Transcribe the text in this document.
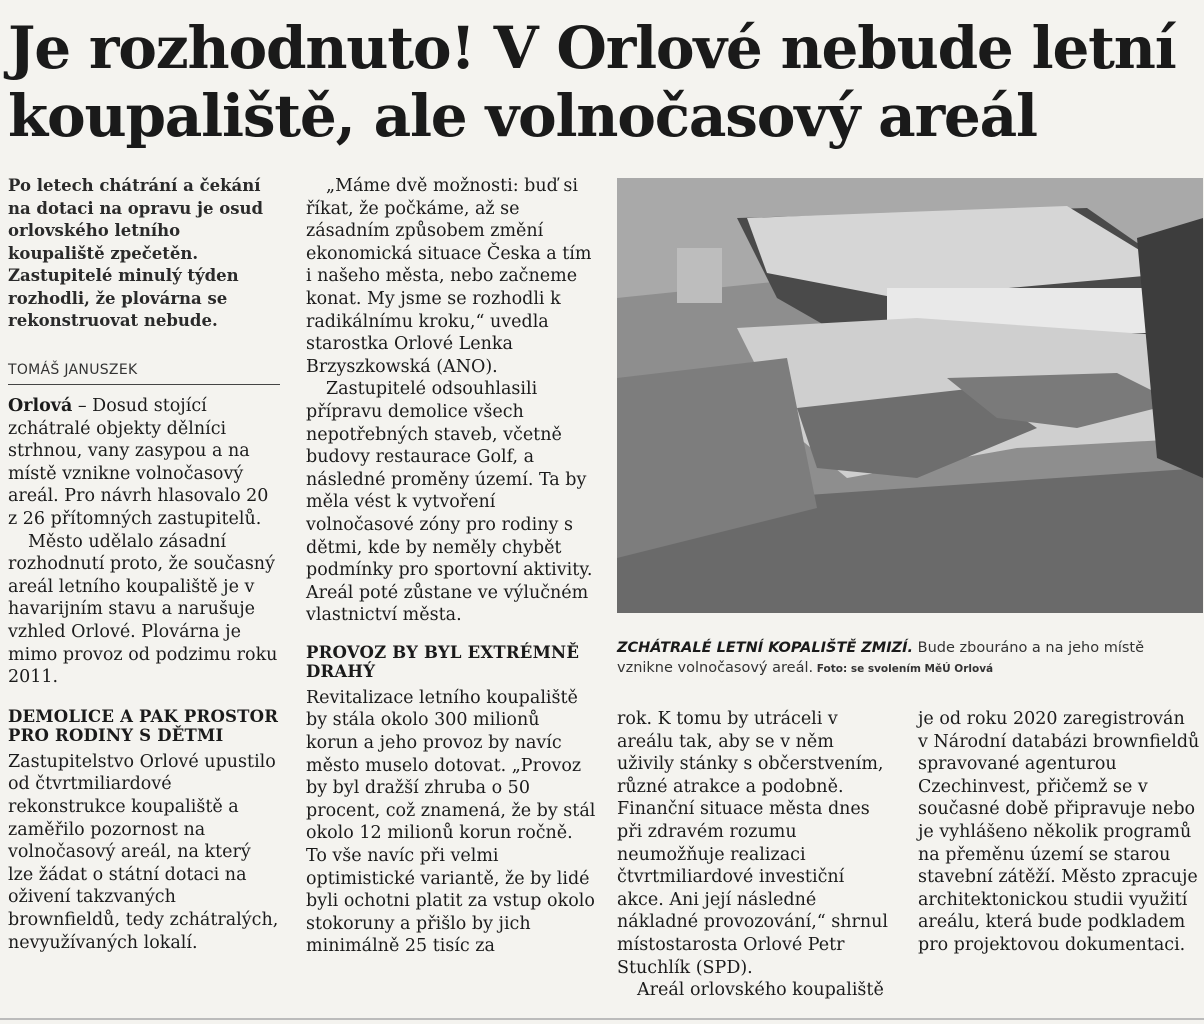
Je rozhodnuto! V Orlové nebude letní koupaliště, ale volnočasový areál

Po letech chátrání a čekání na dotaci na opravu je osud orlovského letního koupaliště zpečetěn. Zastupitelé minulý týden rozhodli, že plovárna se rekonstruovat nebude.

TOMÁŠ JANUSZEK

Orlová – Dosud stojící zchátralé objekty dělníci strhnou, vany zasypou a na místě vznikne volnočasový areál. Pro návrh hlasovalo 20 z 26 přítomných zastupitelů.

Město udělalo zásadní rozhodnutí proto, že současný areál letního koupaliště je v havarijním stavu a narušuje vzhled Orlové. Plovárna je mimo provoz od podzimu roku 2011.

DEMOLICE A PAK PROSTOR PRO RODINY S DĚTMI

Zastupitelstvo Orlové upustilo od čtvrtmiliardové rekonstrukce koupaliště a zaměřilo pozornost na volnočasový areál, na který lze žádat o státní dotaci na oživení takzvaných brownfieldů, tedy zchátralých, nevyužívaných lokalí.

„Máme dvě možnosti: buď si říkat, že počkáme, až se zásadním způsobem změní ekonomická situace Česka a tím i našeho města, nebo začneme konat. My jsme se rozhodli k radikálnímu kroku,“ uvedla starostka Orlové Lenka Brzyszkowská (ANO).

Zastupitelé odsouhlasili přípravu demolice všech nepotřebných staveb, včetně budovy restaurace Golf, a následné proměny území. Ta by měla vést k vytvoření volnočasové zóny pro rodiny s dětmi, kde by neměly chybět podmínky pro sportovní aktivity. Areál poté zůstane ve výlučném vlastnictví města.

PROVOZ BY BYL EXTRÉMNĚ DRAHÝ

Revitalizace letního koupaliště by stála okolo 300 milionů korun a jeho provoz by navíc město muselo dotovat. „Provoz by byl dražší zhruba o 50 procent, což znamená, že by stál okolo 12 milionů korun ročně. To vše navíc při velmi optimistické variantě, že by lidé byli ochotni platit za vstup okolo stokoruny a přišlo by jich minimálně 25 tisíc za

ZCHÁTRALÉ LETNÍ KOPALIŠTĚ ZMIZÍ. Bude zbouráno a na jeho místě vznikne volnočasový areál. Foto: se svolením MěÚ Orlová

rok. K tomu by utráceli v areálu tak, aby se v něm uživily stánky s občerstvením, různé atrakce a podobně. Finanční situace města dnes při zdravém rozumu neumožňuje realizaci čtvrtmiliardové investiční akce. Ani její následné nákladné provozování,“ shrnul místostarosta Orlové Petr Stuchlík (SPD).

Areál orlovského koupaliště

je od roku 2020 zaregistrován v Národní databázi brownfieldů spravované agenturou Czechinvest, přičemž se v současné době připravuje nebo je vyhlášeno několik programů na přeměnu území se starou stavební zátěží. Město zpracuje architektonickou studii využití areálu, která bude podkladem pro projektovou dokumentaci.
